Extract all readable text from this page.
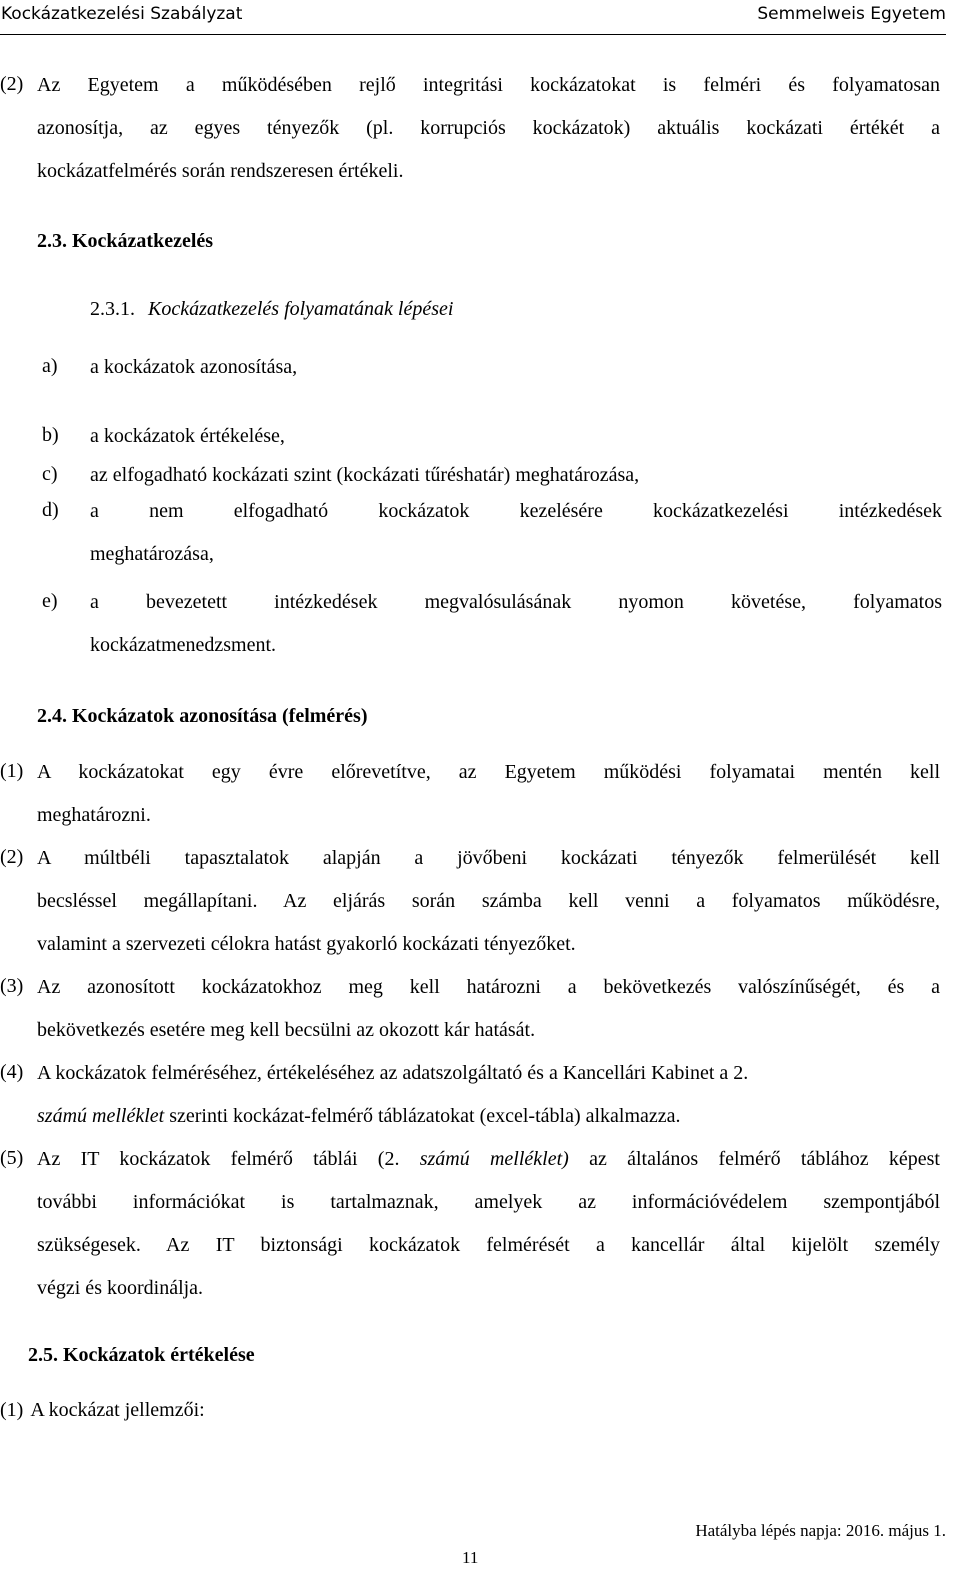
Kockázatkezelési Szabályzat	Semmelweis Egyetem
(2) Az Egyetem a működésében rejlő integritási kockázatokat is felméri és folyamatosan
azonosítja, az egyes tényezők (pl. korrupciós kockázatok) aktuális kockázati értékét a
kockázatfelmérés során rendszeresen értékeli.
2.3. Kockázatkezelés
2.3.1. Kockázatkezelés folyamatának lépései
a) a kockázatok azonosítása,
b) a kockázatok értékelése,
c) az elfogadható kockázati szint (kockázati tűréshatár) meghatározása,
d) a nem elfogadható kockázatok kezelésére kockázatkezelési intézkedések
meghatározása,
e) a bevezetett intézkedések megvalósulásának nyomon követése, folyamatos
kockázatmenedzsment.
2.4. Kockázatok azonosítása (felmérés)
(1) A kockázatokat egy évre előrevetítve, az Egyetem működési folyamatai mentén kell
meghatározni.
(2) A múltbéli tapasztalatok alapján a jövőbeni kockázati tényezők felmerülését kell
becsléssel megállapítani. Az eljárás során számba kell venni a folyamatos működésre,
valamint a szervezeti célokra hatást gyakorló kockázati tényezőket.
(3) Az azonosított kockázatokhoz meg kell határozni a bekövetkezés valószínűségét, és a
bekövetkezés esetére meg kell becsülni az okozott kár hatását.
(4) A kockázatok felméréséhez, értékeléséhez az adatszolgáltató és a Kancellári Kabinet a 2.
számú melléklet szerinti kockázat-felmérő táblázatokat (excel-tábla) alkalmazza.
(5) Az IT kockázatok felmérő táblái (2. számú melléklet) az általános felmérő táblához képest
további információkat is tartalmaznak, amelyek az információvédelem szempontjából
szükségesek. Az IT biztonsági kockázatok felmérését a kancellár által kijelölt személy
végzi és koordinálja.
2.5. Kockázatok értékelése
(1) A kockázat jellemzői:
Hatályba lépés napja: 2016. május 1.
11
